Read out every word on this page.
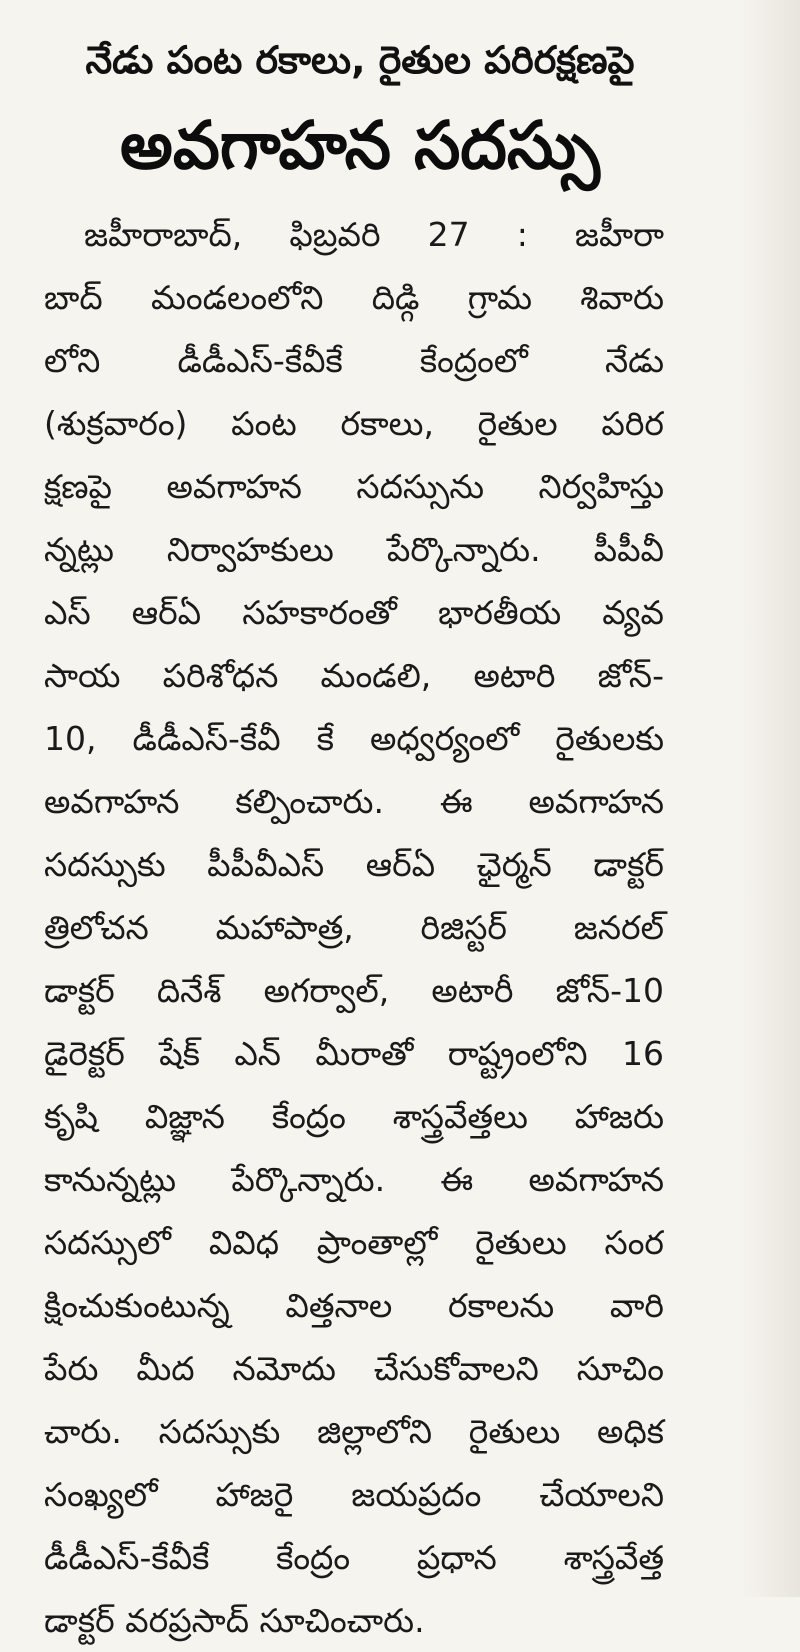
నేడు పంట రకాలు, రైతుల పరిరక్షణపై
అవగాహన సదస్సు
జహీరాబాద్, ఫిబ్రవరి 27 : జహీరా
బాద్ మండలంలోని దిడ్గి గ్రామ శివారు
లోని డీడీఎస్-కేవీకే కేంద్రంలో నేడు
(శుక్రవారం) పంట రకాలు, రైతుల పరిర
క్షణపై అవగాహన సదస్సును నిర్వహిస్తు
న్నట్లు నిర్వాహకులు పేర్కొన్నారు. పీపీవీ
ఎస్ ఆర్ఏ సహకారంతో భారతీయ వ్యవ
సాయ పరిశోధన మండలి, అటారి జోన్-
10, డీడీఎస్-కేవీ కే అధ్వర్యంలో రైతులకు
అవగాహన కల్పించారు. ఈ అవగాహన
సదస్సుకు పీపీవీఎస్ ఆర్ఏ ఛైర్మన్ డాక్టర్
త్రిలోచన మహాపాత్ర, రిజిస్టర్ జనరల్
డాక్టర్ దినేశ్ అగర్వాల్, అటారీ జోన్-10
డైరెక్టర్ షేక్ ఎన్ మీరాతో రాష్ట్రంలోని 16
కృషి విజ్ఞాన కేంద్రం శాస్త్రవేత్తలు హాజరు
కానున్నట్లు పేర్కొన్నారు. ఈ అవగాహన
సదస్సులో వివిధ ప్రాంతాల్లో రైతులు సంర
క్షించుకుంటున్న విత్తనాల రకాలను వారి
పేరు మీద నమోదు చేసుకోవాలని సూచిం
చారు. సదస్సుకు జిల్లాలోని రైతులు అధిక
సంఖ్యలో హాజరై జయప్రదం చేయాలని
డీడీఎస్-కేవీకే కేంద్రం ప్రధాన శాస్త్రవేత్త
డాక్టర్ వరప్రసాద్ సూచించారు.
